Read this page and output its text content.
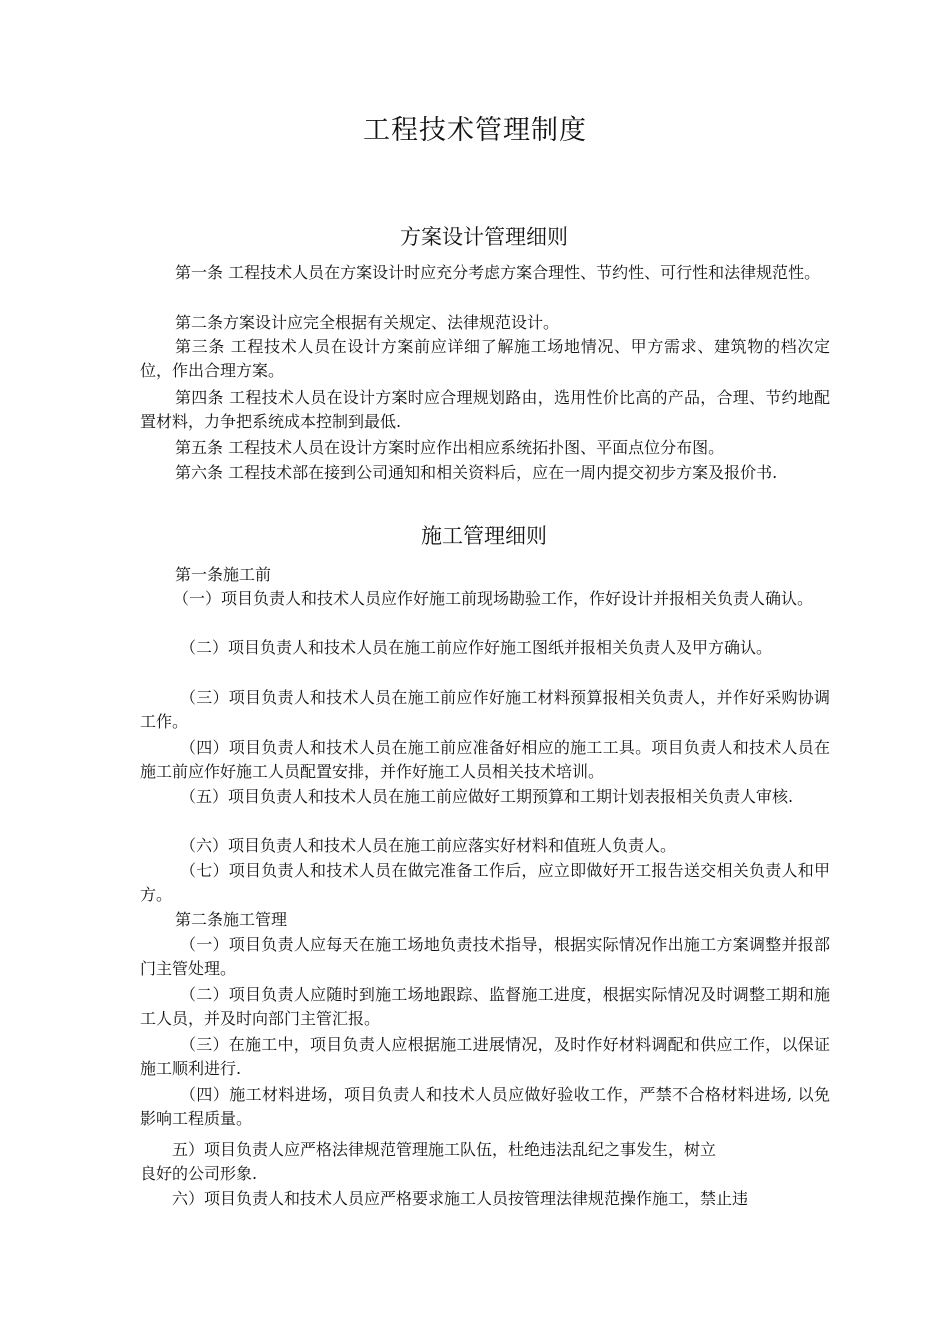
工程技术管理制度
方案设计管理细则

第一条 工程技术人员在方案设计时应充分考虑方案合理性、节约性、可行性和法律规范性。

第二条方案设计应完全根据有关规定、法律规范设计。

第三条 工程技术人员在设计方案前应详细了解施工场地情况、甲方需求、建筑物的档次定位，作出合理方案。

第四条 工程技术人员在设计方案时应合理规划路由，选用性价比高的产品，合理、节约地配置材料，力争把系统成本控制到最低.

第五条 工程技术人员在设计方案时应作出相应系统拓扑图、平面点位分布图。

第六条 工程技术部在接到公司通知和相关资料后，应在一周内提交初步方案及报价书.

施工管理细则

第一条施工前

（一）项目负责人和技术人员应作好施工前现场勘验工作，作好设计并报相关负责人确认。

（二）项目负责人和技术人员在施工前应作好施工图纸并报相关负责人及甲方确认。

（三）项目负责人和技术人员在施工前应作好施工材料预算报相关负责人，并作好采购协调工作。

（四）项目负责人和技术人员在施工前应准备好相应的施工工具。项目负责人和技术人员在施工前应作好施工人员配置安排，并作好施工人员相关技术培训。

（五）项目负责人和技术人员在施工前应做好工期预算和工期计划表报相关负责人审核.

（六）项目负责人和技术人员在施工前应落实好材料和值班人负责人。

（七）项目负责人和技术人员在做完准备工作后，应立即做好开工报告送交相关负责人和甲方。

第二条施工管理

（一）项目负责人应每天在施工场地负责技术指导，根据实际情况作出施工方案调整并报部门主管处理。

（二）项目负责人应随时到施工场地跟踪、监督施工进度，根据实际情况及时调整工期和施工人员，并及时向部门主管汇报。

（三）在施工中，项目负责人应根据施工进展情况，及时作好材料调配和供应工作，以保证施工顺利进行.

（四）施工材料进场，项目负责人和技术人员应做好验收工作，严禁不合格材料进场, 以免影响工程质量。

五）项目负责人应严格法律规范管理施工队伍，杜绝违法乱纪之事发生，树立

良好的公司形象.

六）项目负责人和技术人员应严格要求施工人员按管理法律规范操作施工，禁止违
